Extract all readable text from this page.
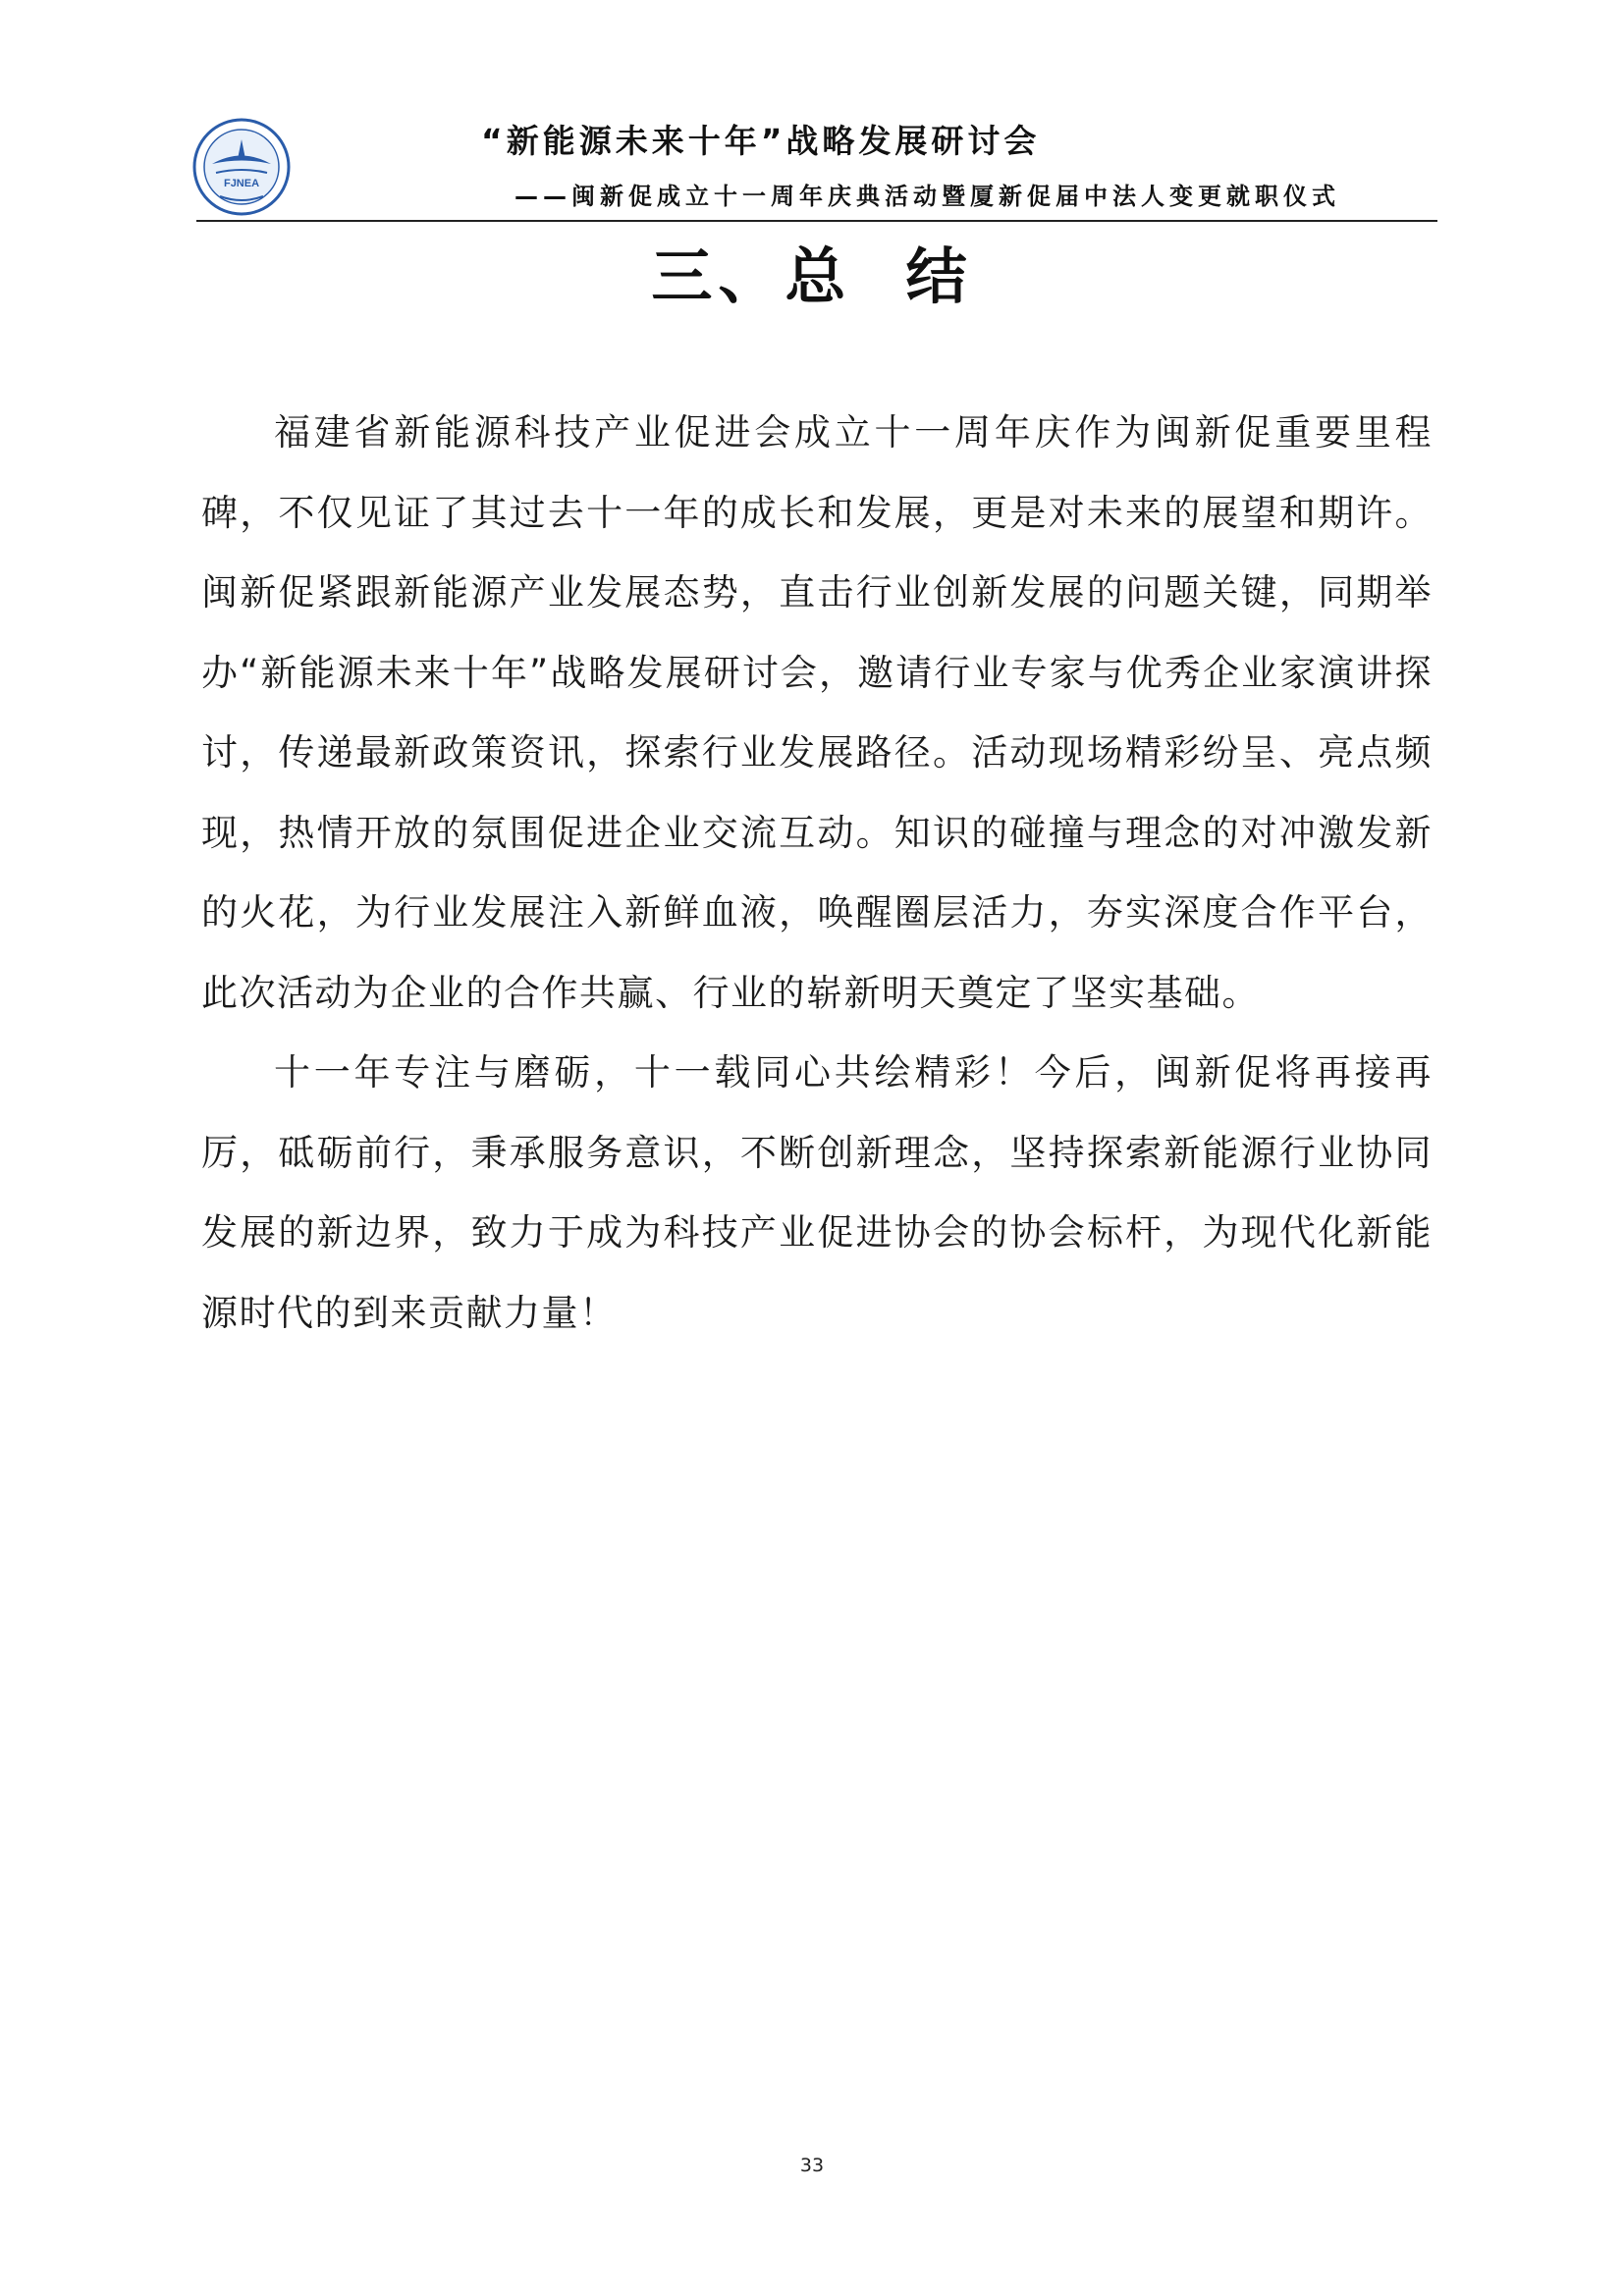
FJNEA
“新能源未来十年”战略发展研讨会
——闽新促成立十一周年庆典活动暨厦新促届中法人变更就职仪式
三、总  结

福建省新能源科技产业促进会成立十一周年庆作为闽新促重要里程碑，不仅见证了其过去十一年的成长和发展，更是对未来的展望和期许。闽新促紧跟新能源产业发展态势，直击行业创新发展的问题关键，同期举办“新能源未来十年”战略发展研讨会，邀请行业专家与优秀企业家演讲探讨，传递最新政策资讯，探索行业发展路径。活动现场精彩纷呈、亮点频现，热情开放的氛围促进企业交流互动。知识的碰撞与理念的对冲激发新的火花，为行业发展注入新鲜血液，唤醒圈层活力，夯实深度合作平台，此次活动为企业的合作共赢、行业的崭新明天奠定了坚实基础。

十一年专注与磨砺，十一载同心共绘精彩！今后，闽新促将再接再厉，砥砺前行，秉承服务意识，不断创新理念，坚持探索新能源行业协同发展的新边界，致力于成为科技产业促进协会的协会标杆，为现代化新能源时代的到来贡献力量！

33
